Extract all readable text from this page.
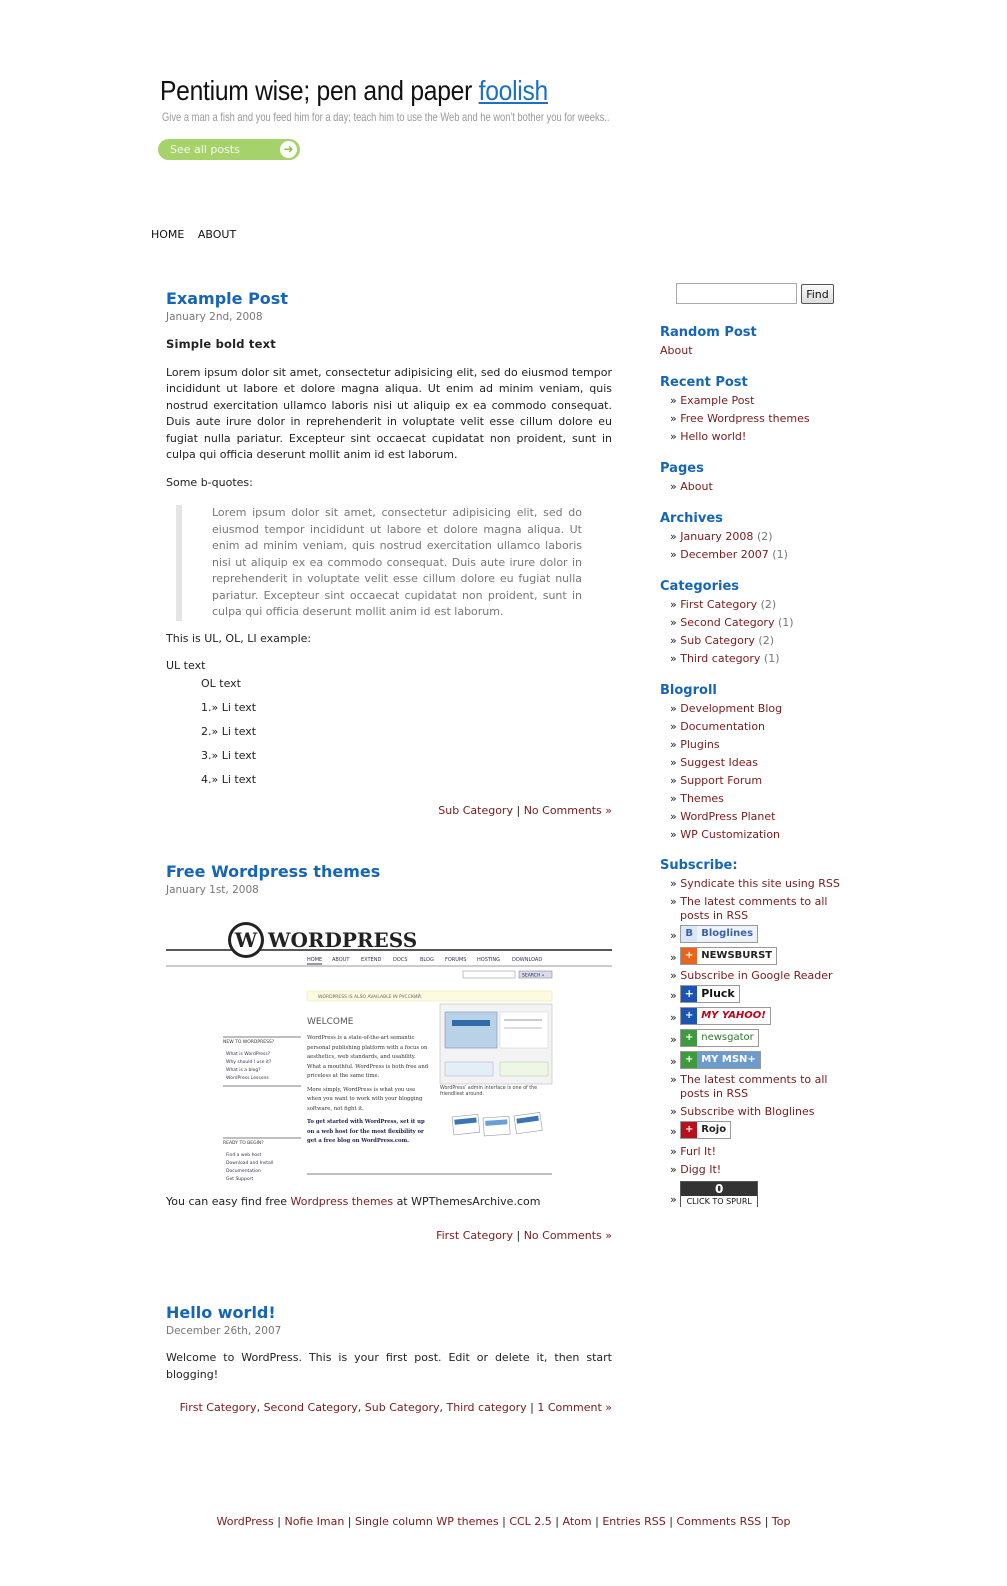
Pentium wise; pen and paper foolish
Give a man a fish and you feed him for a day; teach him to use the Web and he won't bother you for weeks..
See all posts	➜
HOME ABOUT
Example Post
January 2nd, 2008

Simple bold text

Lorem ipsum dolor sit amet, consectetur adipisicing elit, sed do eiusmod tempor incididunt ut labore et dolore magna aliqua. Ut enim ad minim veniam, quis nostrud exercitation ullamco laboris nisi ut aliquip ex ea commodo consequat. Duis aute irure dolor in reprehenderit in voluptate velit esse cillum dolore eu fugiat nulla pariatur. Excepteur sint occaecat cupidatat non proident, sunt in culpa qui officia deserunt mollit anim id est laborum.

Some b-quotes:

Lorem ipsum dolor sit amet, consectetur adipisicing elit, sed do eiusmod tempor incididunt ut labore et dolore magna aliqua. Ut enim ad minim veniam, quis nostrud exercitation ullamco laboris nisi ut aliquip ex ea commodo consequat. Duis aute irure dolor in reprehenderit in voluptate velit esse cillum dolore eu fugiat nulla pariatur. Excepteur sint occaecat cupidatat non proident, sunt in culpa qui officia deserunt mollit anim id est laborum.

This is UL, OL, LI example:

UL text

OL text

1.» Li text
2.» Li text
3.» Li text
4.» Li text
Sub Category | No Comments »
Free Wordpress themes
January 1st, 2008
W WORDPRESS
HOME ABOUT EXTEND DOCS	BLOG FORUMS HOSTING DOWNLOAD
SEARCH »
WORDPRESS IS ALSO AVAILABLE IN РУССКИЙ.
WELCOME
NEW TO WORDPRESS?
What is WordPress?
Why should I use it?
What is a blog?
WordPress Lessons
READY TO BEGIN?
Find a web host
Download and Install
Documentation
Get Support
WordPress is a state-of-the-art semantic personal publishing platform with a focus on aesthetics, web standards, and usability. What a mouthful. WordPress is both free and priceless at the same time.
More simply, WordPress is what you use when you want to work with your blogging software, not fight it.
To get started with WordPress, set it up on a web host for the most flexibility or get a free blog on WordPress.com.
WordPress' admin interface is one of the friendliest around.

You can easy find free Wordpress themes at WPThemesArchive.com

First Category | No Comments »
Hello world!
December 26th, 2007

Welcome to WordPress. This is your first post. Edit or delete it, then start blogging!

First Category, Second Category, Sub Category, Third category | 1 Comment »
Find
Random Post
About
Recent Post
» Example Post
» Free Wordpress themes
» Hello world!
Pages
» About
Archives
» January 2008 (2)
» December 2007 (1)
Categories
» First Category (2)
» Second Category (1)
» Sub Category (2)
» Third category (1)
Blogroll
» Development Blog
» Documentation
» Plugins
» Suggest Ideas
» Support Forum
» Themes
» WordPress Planet
» WP Customization
Subscribe:
» Syndicate this site using RSS
» The latest comments to all posts in RSS
» B Bloglines
» + NEWSBURST
» Subscribe in Google Reader
» + Pluck
» + MY YAHOO!
» + newsgator
» + MY MSN+
» The latest comments to all posts in RSS
» Subscribe with Bloglines
» + Rojo
» Furl It!
» Digg It!
»
0
CLICK TO SPURL
WordPress | Nofie Iman | Single column WP themes | CCL 2.5 | Atom | Entries RSS | Comments RSS | Top
